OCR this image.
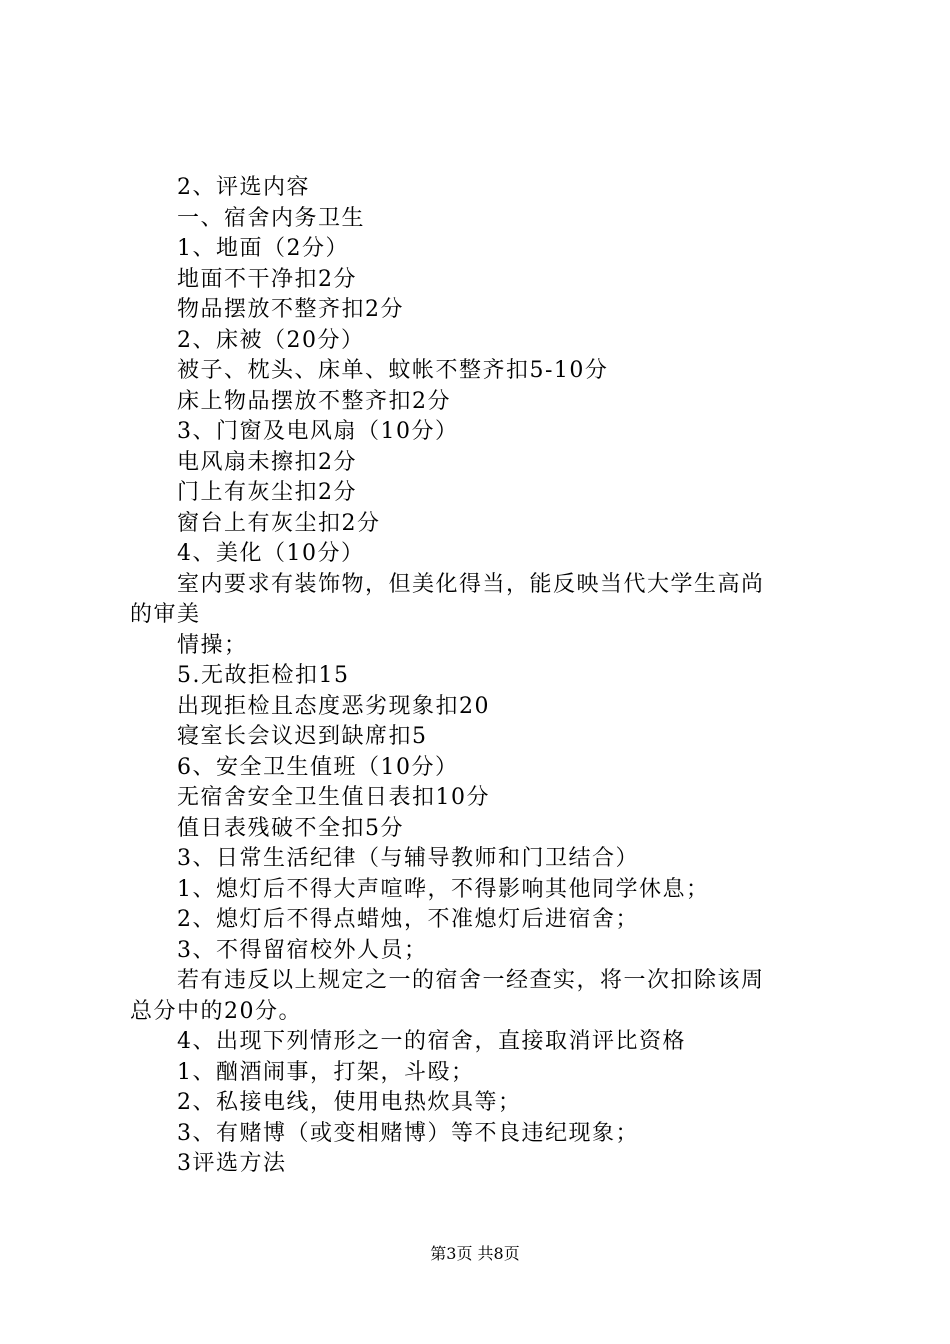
2、评选内容
一、宿舍内务卫生
1、地面（2分）
地面不干净扣2分
物品摆放不整齐扣2分
2、床被（20分）
被子、枕头、床单、蚊帐不整齐扣5-10分
床上物品摆放不整齐扣2分
3、门窗及电风扇（10分）
电风扇未擦扣2分
门上有灰尘扣2分
窗台上有灰尘扣2分
4、美化（10分）
室内要求有装饰物，但美化得当，能反映当代大学生高尚
的审美
情操；
5.无故拒检扣15
出现拒检且态度恶劣现象扣20
寝室长会议迟到缺席扣5
6、安全卫生值班（10分）
无宿舍安全卫生值日表扣10分
值日表残破不全扣5分
3、日常生活纪律（与辅导教师和门卫结合）
1、熄灯后不得大声喧哗，不得影响其他同学休息；
2、熄灯后不得点蜡烛，不准熄灯后进宿舍；
3、不得留宿校外人员；
若有违反以上规定之一的宿舍一经查实，将一次扣除该周
总分中的20分。
4、出现下列情形之一的宿舍，直接取消评比资格
1、酗酒闹事，打架，斗殴；
2、私接电线，使用电热炊具等；
3、有赌博（或变相赌博）等不良违纪现象；
3评选方法
第3页 共8页
